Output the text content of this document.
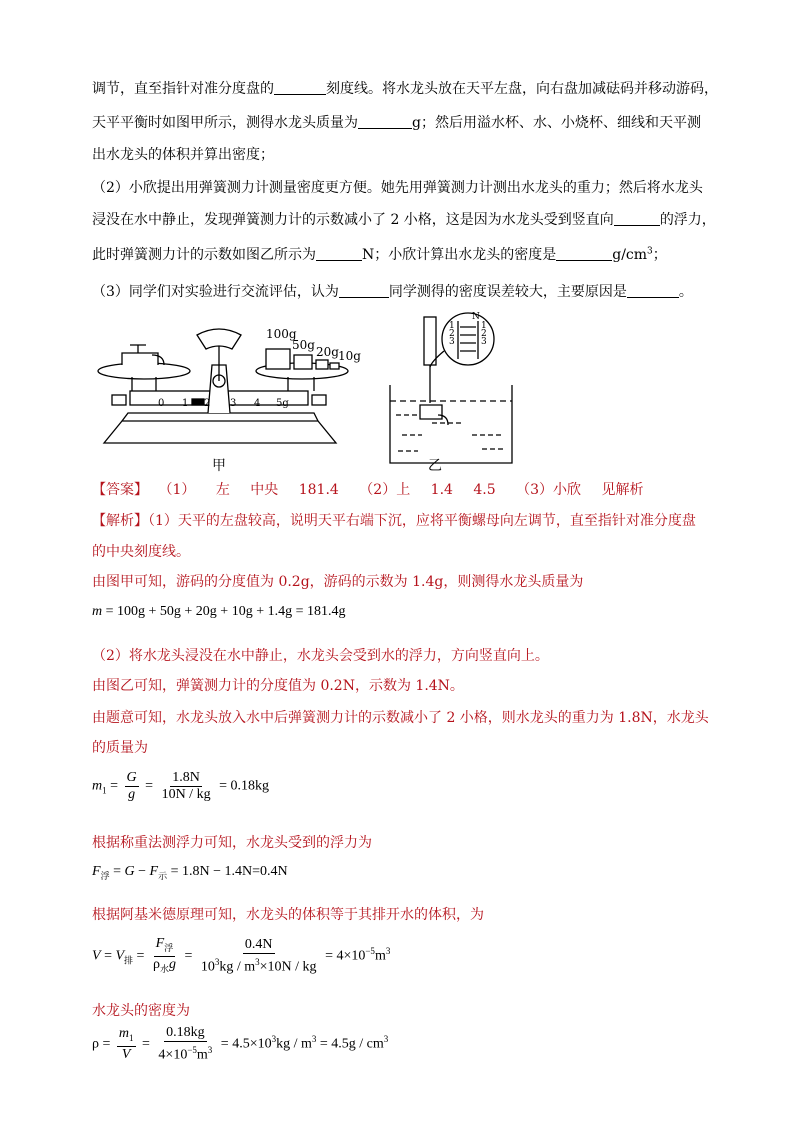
调节，直至指针对准分度盘的	刻度线。将水龙头放在天平左盘，向右盘加减砝码并移动游码，
天平平衡时如图甲所示，测得水龙头质量为	g；然后用溢水杯、水、小烧杯、细线和天平测
出水龙头的体积并算出密度；
（2）小欣提出用弹簧测力计测量密度更方便。她先用弹簧测力计测出水龙头的重力；然后将水龙头
浸没在水中静止，发现弹簧测力计的示数减小了 2 小格，这是因为水龙头受到竖直向	的浮力，
此时弹簧测力计的示数如图乙所示为	N；小欣计算出水龙头的密度是	$g/cm^3$；
（3）同学们对实验进行交流评估，认为	同学测得的密度误差较大，主要原因是	。
100g
50g 20g 10g
0 1 2 3 4 5g
N
1
2
3
1
2
3
甲	乙
【答案】 （1） 左 中央 181.4 （2）上 1.4 4.5 （3）小欣 见解析
【解析】（1）天平的左盘较高，说明天平右端下沉，应将平衡螺母向左调节，直至指针对准分度盘
的中央刻度线。
由图甲可知，游码的分度值为 0.2g，游码的示数为 1.4g，则测得水龙头质量为
m = 100g + 50g + 20g + 10g + 1.4g = 181.4g
（2）将水龙头浸没在水中静止，水龙头会受到水的浮力，方向竖直向上。
由图乙可知，弹簧测力计的分度值为 0.2N，示数为 1.4N。
由题意可知，水龙头放入水中后弹簧测力计的示数减小了 2 小格，则水龙头的重力为 1.8N，水龙头
的质量为
$m_1 = \frac{G}{g} = \frac{1.8N}{10N / kg} = 0.18kg$
根据称重法测浮力可知，水龙头受到的浮力为
$F_浮 = G - F_示 = 1.8N - 1.4N=0.4N$
根据阿基米德原理可知，水龙头的体积等于其排开水的体积，为
$V = V_排 = \frac{F_浮}{\rho_水g} = \frac{0.4N}{10^3kg / m^3\times 10N / kg} = 4\times 10^{-5}m^3$
水龙头的密度为
$\rho = \frac{m_1}{V} = \frac{0.18kg}{4\times 10^{-5}m^3} = 4.5\times 10^3kg / m^3 = 4.5g / cm^3$
